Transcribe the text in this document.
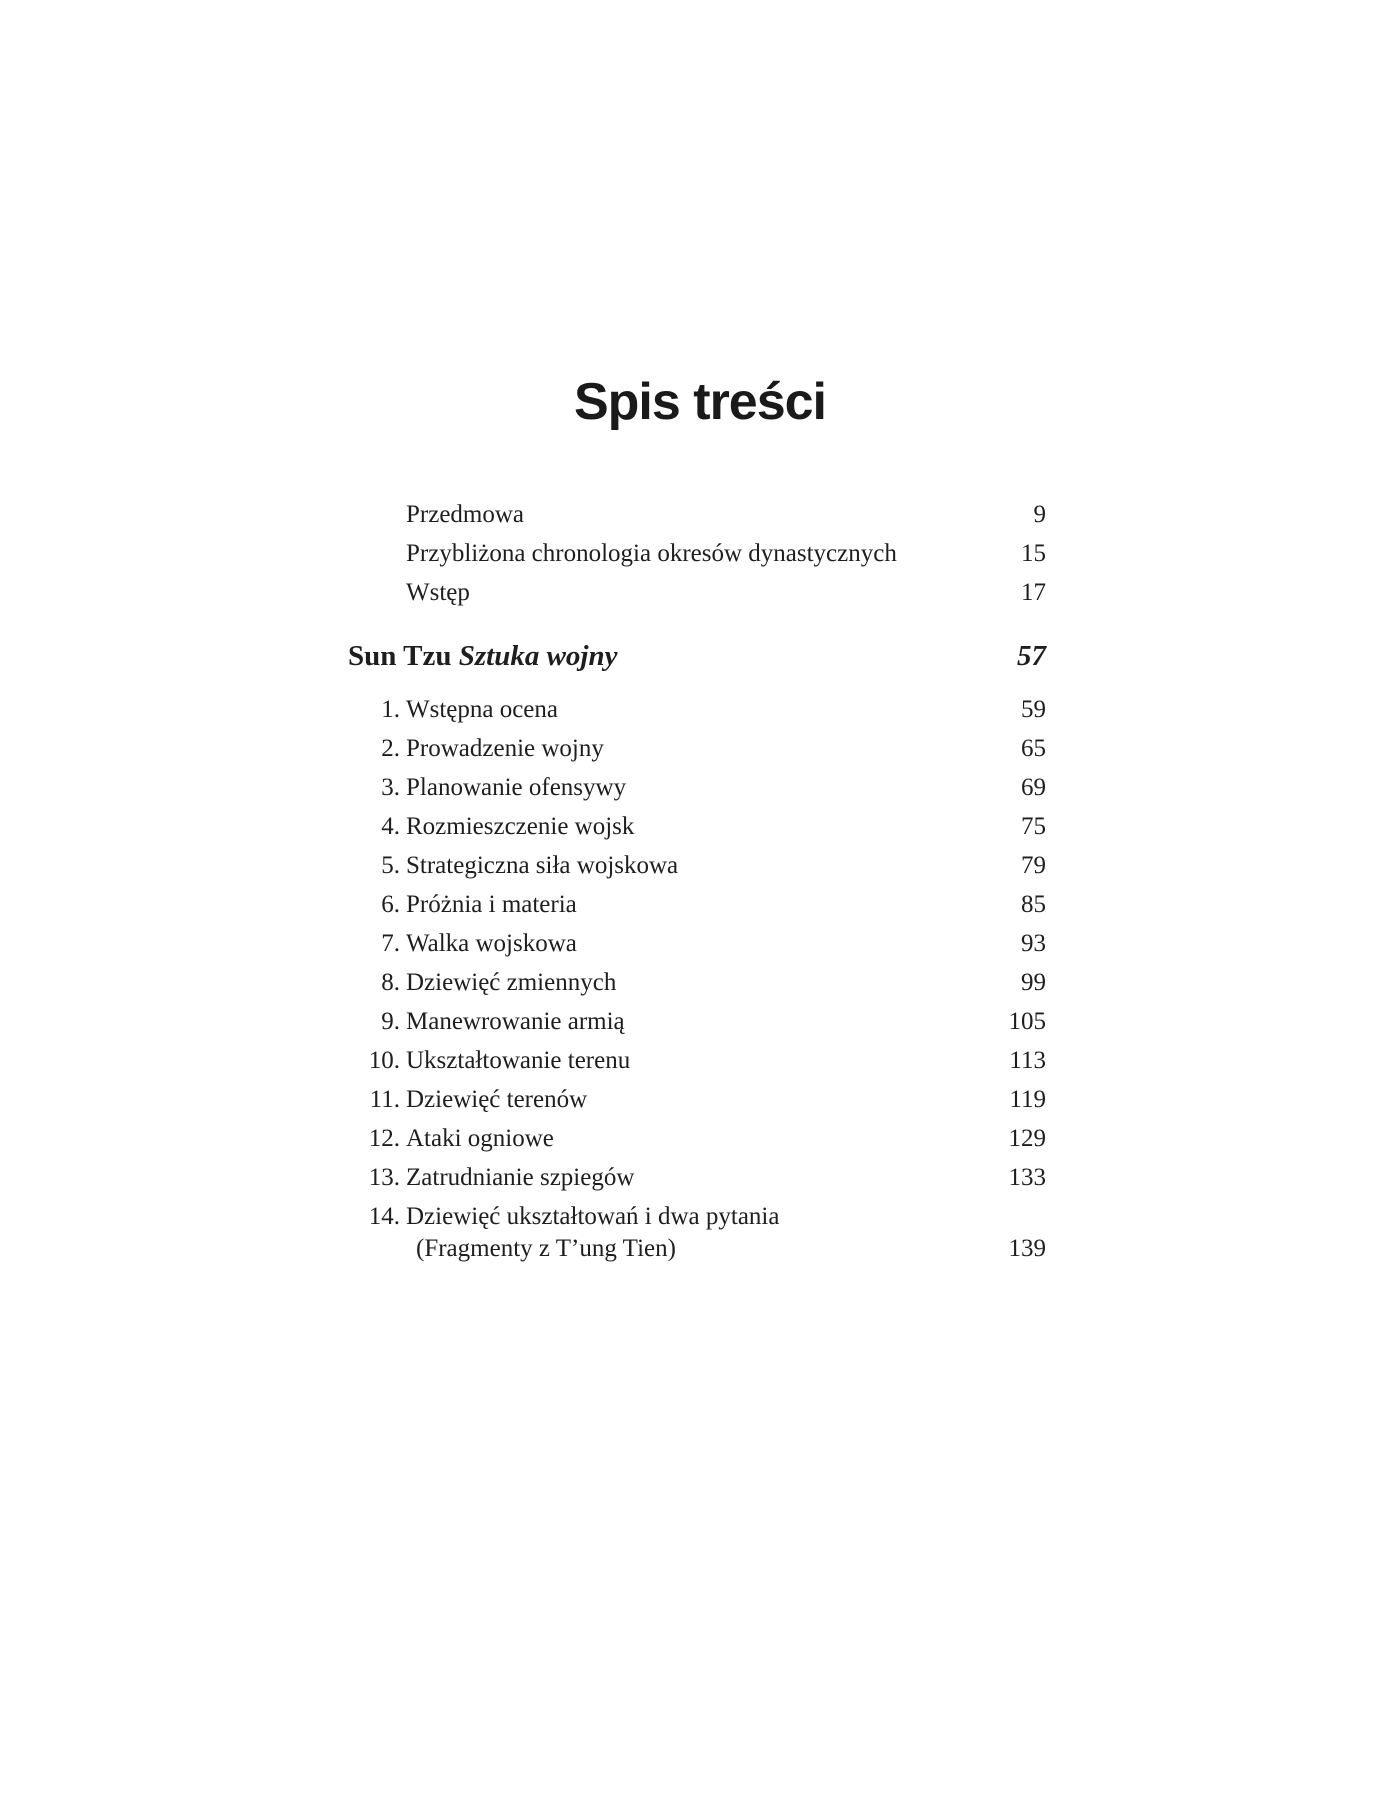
Spis treści
Przedmowa	9
Przybliżona chronologia okresów dynastycznych	15
Wstęp	17
Sun Tzu Sztuka wojny	57
1. Wstępna ocena	59
2. Prowadzenie wojny	65
3. Planowanie ofensywy	69
4. Rozmieszczenie wojsk	75
5. Strategiczna siła wojskowa	79
6. Próżnia i materia	85
7. Walka wojskowa	93
8. Dziewięć zmiennych	99
9. Manewrowanie armią	105
10. Ukształtowanie terenu	113
11. Dziewięć terenów	119
12. Ataki ogniowe	129
13. Zatrudnianie szpiegów	133
14. Dziewięć ukształtowań i dwa pytania
(Fragmenty z T’ung Tien)	139
